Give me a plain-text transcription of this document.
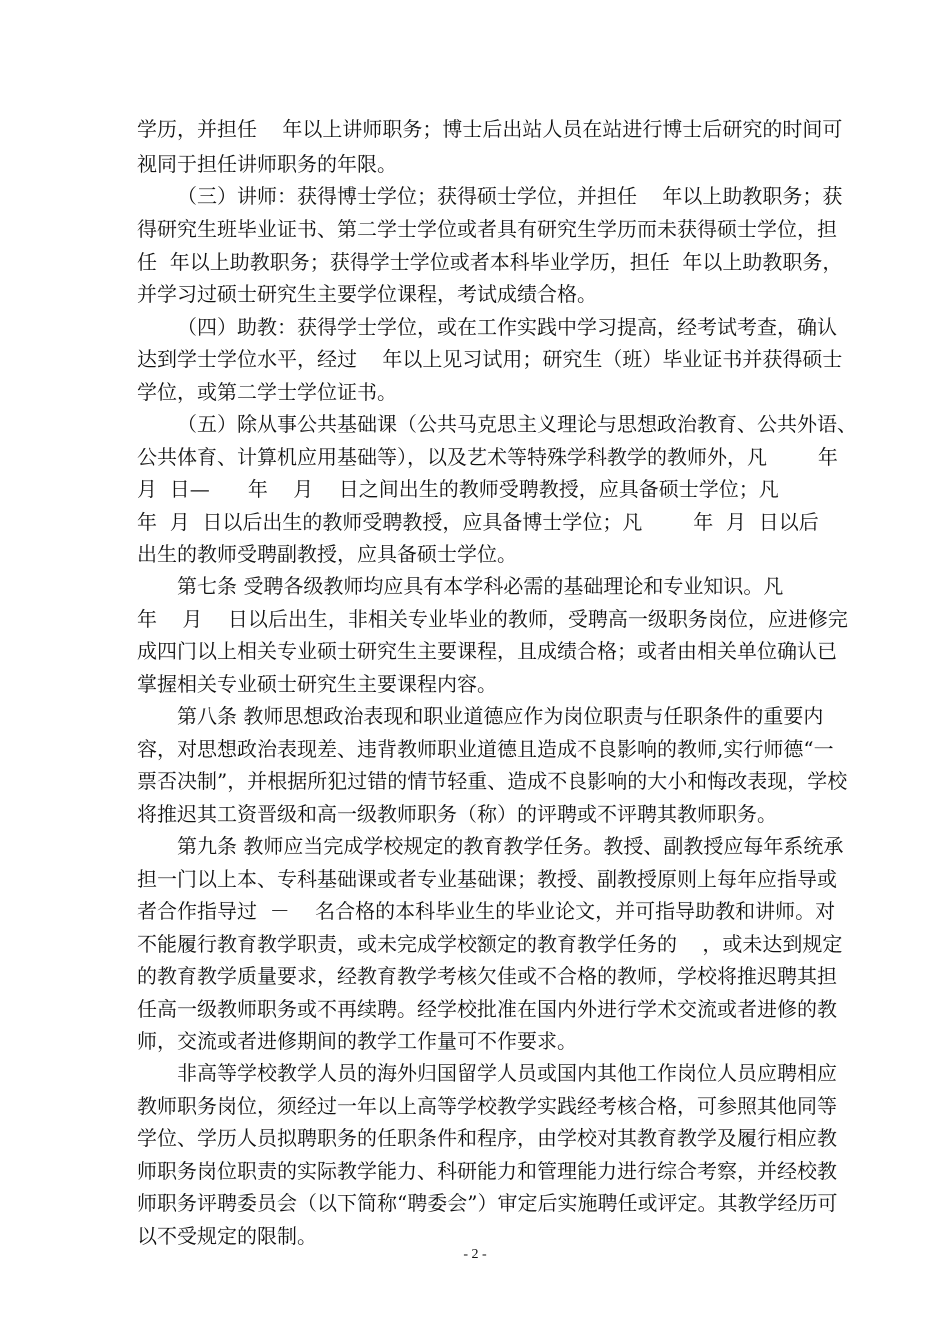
学历，并担任    年以上讲师职务；博士后出站人员在站进行博士后研究的时间可
视同于担任讲师职务的年限。
（三）讲师：获得博士学位；获得硕士学位，并担任    年以上助教职务；获
得研究生班毕业证书、第二学士学位或者具有研究生学历而未获得硕士学位，担
任  年以上助教职务；获得学士学位或者本科毕业学历，担任  年以上助教职务，
并学习过硕士研究生主要学位课程，考试成绩合格。
（四）助教：获得学士学位，或在工作实践中学习提高，经考试考查，确认
达到学士学位水平，经过    年以上见习试用；研究生（班）毕业证书并获得硕士
学位，或第二学士学位证书。
（五）除从事公共基础课（公共马克思主义理论与思想政治教育、公共外语、
公共体育、计算机应用基础等），以及艺术等特殊学科教学的教师外，凡        年
月  日—      年    月    日之间出生的教师受聘教授，应具备硕士学位；凡
年  月  日以后出生的教师受聘教授，应具备博士学位；凡        年  月  日以后
出生的教师受聘副教授，应具备硕士学位。
第七条 受聘各级教师均应具有本学科必需的基础理论和专业知识。凡
年    月    日以后出生，非相关专业毕业的教师，受聘高一级职务岗位，应进修完
成四门以上相关专业硕士研究生主要课程，且成绩合格；或者由相关单位确认已
掌握相关专业硕士研究生主要课程内容。
第八条 教师思想政治表现和职业道德应作为岗位职责与任职条件的重要内
容，对思想政治表现差、违背教师职业道德且造成不良影响的教师,实行师德“一
票否决制”，并根据所犯过错的情节轻重、造成不良影响的大小和悔改表现，学校
将推迟其工资晋级和高一级教师职务（称）的评聘或不评聘其教师职务。
第九条 教师应当完成学校规定的教育教学任务。教授、副教授应每年系统承
担一门以上本、专科基础课或者专业基础课；教授、副教授原则上每年应指导或
者合作指导过  －    名合格的本科毕业生的毕业论文，并可指导助教和讲师。对
不能履行教育教学职责，或未完成学校额定的教育教学任务的    ，或未达到规定
的教育教学质量要求，经教育教学考核欠佳或不合格的教师，学校将推迟聘其担
任高一级教师职务或不再续聘。经学校批准在国内外进行学术交流或者进修的教
师，交流或者进修期间的教学工作量可不作要求。
非高等学校教学人员的海外归国留学人员或国内其他工作岗位人员应聘相应
教师职务岗位，须经过一年以上高等学校教学实践经考核合格，可参照其他同等
学位、学历人员拟聘职务的任职条件和程序，由学校对其教育教学及履行相应教
师职务岗位职责的实际教学能力、科研能力和管理能力进行综合考察，并经校教
师职务评聘委员会（以下简称“聘委会”）审定后实施聘任或评定。其教学经历可
以不受规定的限制。
- 2 -
